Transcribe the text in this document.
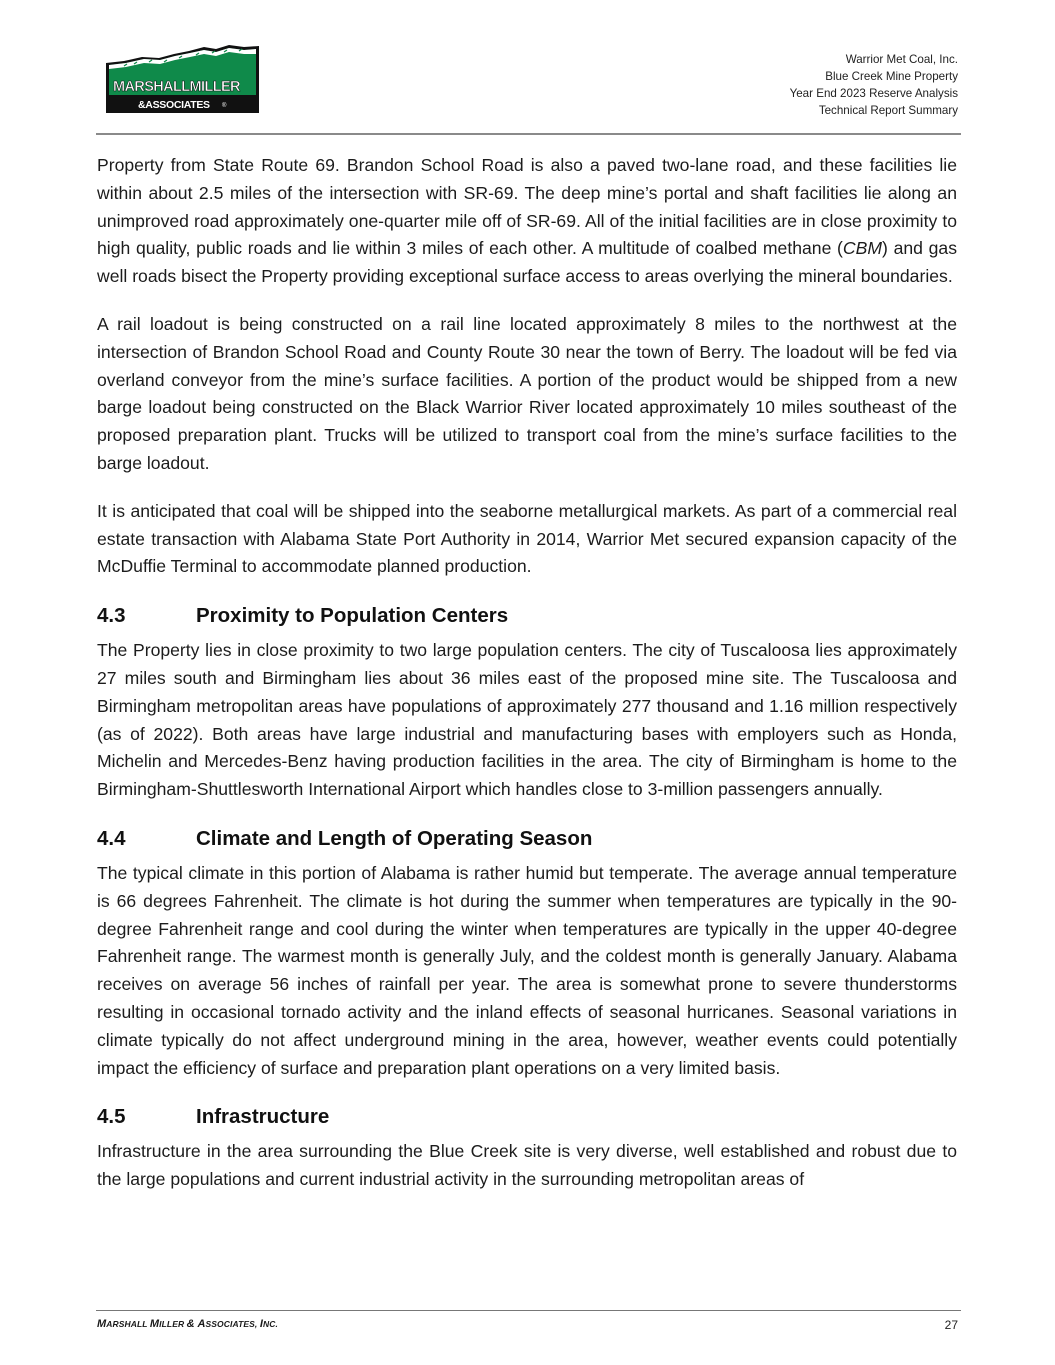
MARSHALLMILLER
&ASSOCIATES ®
Warrior Met Coal, Inc.
Blue Creek Mine Property
Year End 2023 Reserve Analysis
Technical Report Summary

Property from State Route 69. Brandon School Road is also a paved two-lane road, and these facilities lie within about 2.5 miles of the intersection with SR-69. The deep mine’s portal and shaft facilities lie along an unimproved road approximately one-quarter mile off of SR-69. All of the initial facilities are in close proximity to high quality, public roads and lie within 3 miles of each other. A multitude of coalbed methane (CBM) and gas well roads bisect the Property providing exceptional surface access to areas overlying the mineral boundaries.

A rail loadout is being constructed on a rail line located approximately 8 miles to the northwest at the intersection of Brandon School Road and County Route 30 near the town of Berry. The loadout will be fed via overland conveyor from the mine’s surface facilities. A portion of the product would be shipped from a new barge loadout being constructed on the Black Warrior River located approximately 10 miles southeast of the proposed preparation plant. Trucks will be utilized to transport coal from the mine’s surface facilities to the barge loadout.

It is anticipated that coal will be shipped into the seaborne metallurgical markets. As part of a commercial real estate transaction with Alabama State Port Authority in 2014, Warrior Met secured expansion capacity of the McDuffie Terminal to accommodate planned production.

4.3	Proximity to Population Centers

The Property lies in close proximity to two large population centers. The city of Tuscaloosa lies approximately 27 miles south and Birmingham lies about 36 miles east of the proposed mine site. The Tuscaloosa and Birmingham metropolitan areas have populations of approximately 277 thousand and 1.16 million respectively (as of 2022). Both areas have large industrial and manufacturing bases with employers such as Honda, Michelin and Mercedes-Benz having production facilities in the area. The city of Birmingham is home to the Birmingham-Shuttlesworth International Airport which handles close to 3-million passengers annually.

4.4	Climate and Length of Operating Season

The typical climate in this portion of Alabama is rather humid but temperate. The average annual temperature is 66 degrees Fahrenheit. The climate is hot during the summer when temperatures are typically in the 90-degree Fahrenheit range and cool during the winter when temperatures are typically in the upper 40-degree Fahrenheit range. The warmest month is generally July, and the coldest month is generally January. Alabama receives on average 56 inches of rainfall per year. The area is somewhat prone to severe thunderstorms resulting in occasional tornado activity and the inland effects of seasonal hurricanes. Seasonal variations in climate typically do not affect underground mining in the area, however, weather events could potentially impact the efficiency of surface and preparation plant operations on a very limited basis.

4.5	Infrastructure

Infrastructure in the area surrounding the Blue Creek site is very diverse, well established and robust due to the large populations and current industrial activity in the surrounding metropolitan areas of

MARSHALL MILLER & ASSOCIATES, INC.	27
